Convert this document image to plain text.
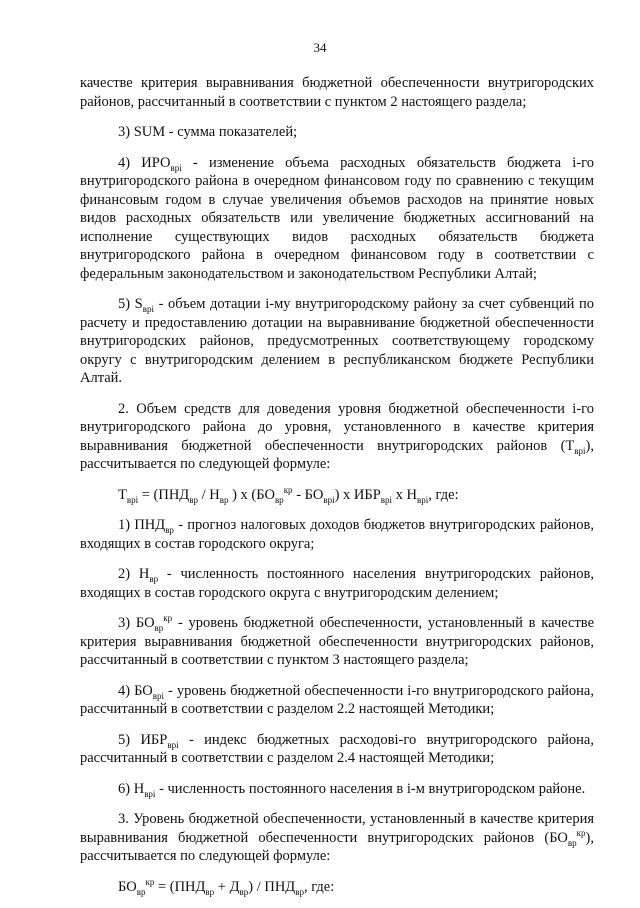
34

качестве критерия выравнивания бюджетной обеспеченности внутригородских районов, рассчитанный в соответствии с пунктом 2 настоящего раздела;

3) SUM - сумма показателей;

4) $ИРО_{врi}$ - изменение объема расходных обязательств бюджета i-го внутригородского района в очередном финансовом году по сравнению с текущим финансовым годом в случае увеличения объемов расходов на принятие новых видов расходных обязательств или увеличение бюджетных ассигнований на исполнение существующих видов расходных обязательств бюджета внутригородского района в очередном финансовом году в соответствии с федеральным законодательством и законодательством Республики Алтай;

5) $S_{врi}$ - объем дотации i-му внутригородскому району за счет субвенций по расчету и предоставлению дотации на выравнивание бюджетной обеспеченности внутригородских районов, предусмотренных соответствующему городскому округу с внутригородским делением в республиканском бюджете Республики Алтай.

2. Объем средств для доведения уровня бюджетной обеспеченности i-го внутригородского района до уровня, установленного в качестве критерия выравнивания бюджетной обеспеченности внутригородских районов $(Т_{врi})$, рассчитывается по следующей формуле:

$Т_{врi} = (ПНД_{вр} / Н_{вр}$ ) х $(БО_{вр}^{кр} - БО_{врi})$ х $ИБР_{врi}$ х $Н_{врi}$, где:

1) $ПНД_{вр}$ - прогноз налоговых доходов бюджетов внутригородских районов, входящих в состав городского округа;

2) $Н_{вр}$ - численность постоянного населения внутригородских районов, входящих в состав городского округа с внутригородским делением;

3) $БО_{вр}^{кр}$ - уровень бюджетной обеспеченности, установленный в качестве критерия выравнивания бюджетной обеспеченности внутригородских районов, рассчитанный в соответствии с пунктом 3 настоящего раздела;

4) $БО_{врi}$ - уровень бюджетной обеспеченности i-го внутригородского района, рассчитанный в соответствии с разделом 2.2 настоящей Методики;

5) $ИБР_{врi}$ - индекс бюджетных расходовi-го внутригородского района, рассчитанный в соответствии с разделом 2.4 настоящей Методики;

6) $Н_{врi}$ - численность постоянного населения в i-м внутригородском районе.

3. Уровень бюджетной обеспеченности, установленный в качестве критерия выравнивания бюджетной обеспеченности внутригородских районов $(БО_{вр}^{кр})$, рассчитывается по следующей формуле:

$БО_{вр}^{кр} = (ПНД_{вр} + Д_{вр}) / ПНД_{вр}$, где:
